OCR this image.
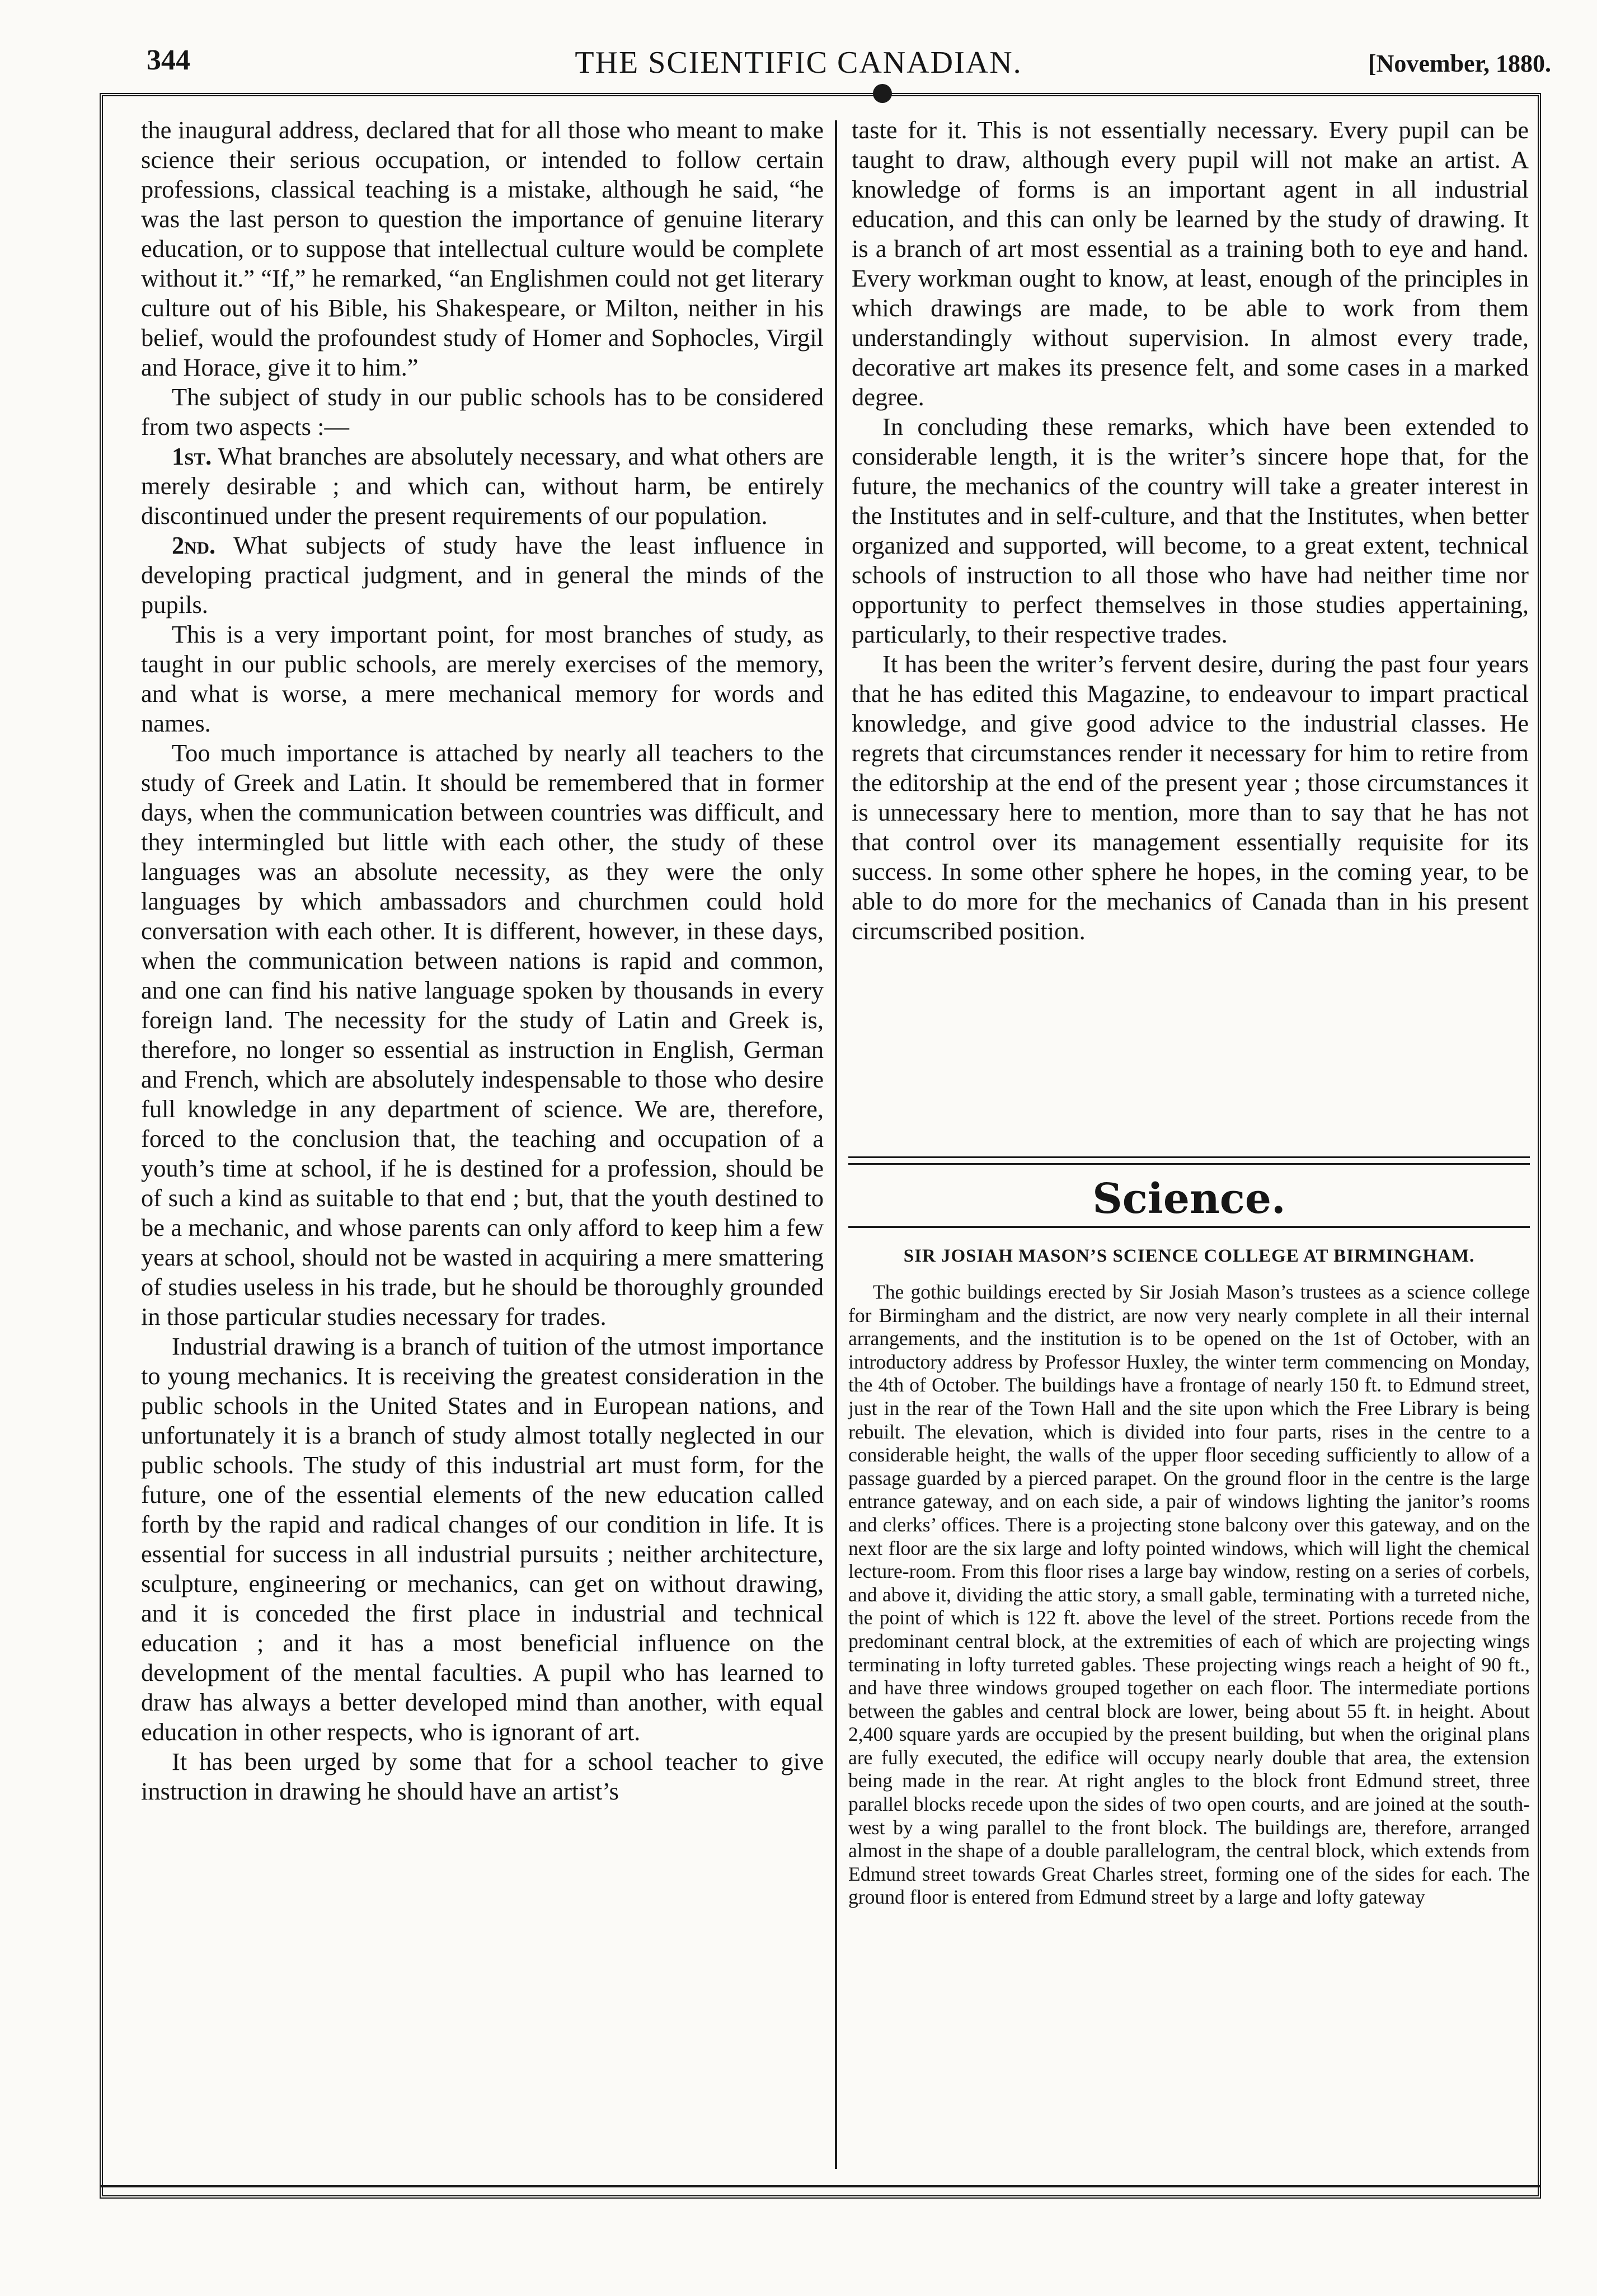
344	THE SCIENTIFIC CANADIAN.	[November, 1880.

the inaugural address, declared that for all those who meant to make science their serious occupation, or intended to follow certain professions, classical teaching is a mistake, although he said, “he was the last person to question the importance of genuine literary education, or to suppose that intellectual culture would be complete without it.” “If,” he remarked, “an Englishmen could not get literary culture out of his Bible, his Shakespeare, or Milton, neither in his belief, would the profoundest study of Homer and Sophocles, Virgil and Horace, give it to him.”

The subject of study in our public schools has to be considered from two aspects :—

1st. What branches are absolutely necessary, and what others are merely desirable ; and which can, without harm, be entirely discontinued under the present requirements of our population.

2nd. What subjects of study have the least influence in developing practical judgment, and in general the minds of the pupils.

This is a very important point, for most branches of study, as taught in our public schools, are merely exercises of the memory, and what is worse, a mere mechanical memory for words and names.

Too much importance is attached by nearly all teachers to the study of Greek and Latin. It should be remembered that in former days, when the communication between countries was difficult, and they intermingled but little with each other, the study of these languages was an absolute necessity, as they were the only languages by which ambassadors and churchmen could hold conversation with each other. It is different, however, in these days, when the communication between nations is rapid and common, and one can find his native language spoken by thousands in every foreign land. The necessity for the study of Latin and Greek is, therefore, no longer so essential as instruction in English, German and French, which are absolutely indespensable to those who desire full knowledge in any department of science. We are, therefore, forced to the conclusion that, the teaching and occupation of a youth’s time at school, if he is destined for a profession, should be of such a kind as suitable to that end ; but, that the youth destined to be a mechanic, and whose parents can only afford to keep him a few years at school, should not be wasted in acquiring a mere smattering of studies useless in his trade, but he should be thoroughly grounded in those particular studies necessary for trades.

Industrial drawing is a branch of tuition of the utmost importance to young mechanics. It is receiving the greatest consideration in the public schools in the United States and in European nations, and unfortunately it is a branch of study almost totally neglected in our public schools. The study of this industrial art must form, for the future, one of the essential elements of the new education called forth by the rapid and radical changes of our condition in life. It is essential for success in all industrial pursuits ; neither architecture, sculpture, engineering or mechanics, can get on without drawing, and it is conceded the first place in industrial and technical education ; and it has a most beneficial influence on the development of the mental faculties. A pupil who has learned to draw has always a better developed mind than another, with equal education in other respects, who is ignorant of art.

It has been urged by some that for a school teacher to give instruction in drawing he should have an artist’s

taste for it. This is not essentially necessary. Every pupil can be taught to draw, although every pupil will not make an artist. A knowledge of forms is an important agent in all industrial education, and this can only be learned by the study of drawing. It is a branch of art most essential as a training both to eye and hand. Every workman ought to know, at least, enough of the principles in which drawings are made, to be able to work from them understandingly without supervision. In almost every trade, decorative art makes its presence felt, and some cases in a marked degree.

In concluding these remarks, which have been extended to considerable length, it is the writer’s sincere hope that, for the future, the mechanics of the country will take a greater interest in the Institutes and in self-culture, and that the Institutes, when better organized and supported, will become, to a great extent, technical schools of instruction to all those who have had neither time nor opportunity to perfect themselves in those studies appertaining, particularly, to their respective trades.

It has been the writer’s fervent desire, during the past four years that he has edited this Magazine, to endeavour to impart practical knowledge, and give good advice to the industrial classes. He regrets that circumstances render it necessary for him to retire from the editorship at the end of the present year ; those circumstances it is unnecessary here to mention, more than to say that he has not that control over its management essentially requisite for its success. In some other sphere he hopes, in the coming year, to be able to do more for the mechanics of Canada than in his present circumscribed position.

Science.
SIR JOSIAH MASON’S SCIENCE COLLEGE AT BIRMINGHAM.

The gothic buildings erected by Sir Josiah Mason’s trustees as a science college for Birmingham and the district, are now very nearly complete in all their internal arrangements, and the institution is to be opened on the 1st of October, with an introductory address by Professor Huxley, the winter term commencing on Monday, the 4th of October. The buildings have a frontage of nearly 150 ft. to Edmund street, just in the rear of the Town Hall and the site upon which the Free Library is being rebuilt. The elevation, which is divided into four parts, rises in the centre to a considerable height, the walls of the upper floor seceding sufficiently to allow of a passage guarded by a pierced parapet. On the ground floor in the centre is the large entrance gateway, and on each side, a pair of windows lighting the janitor’s rooms and clerks’ offices. There is a projecting stone balcony over this gateway, and on the next floor are the six large and lofty pointed windows, which will light the chemical lecture-room. From this floor rises a large bay window, resting on a series of corbels, and above it, dividing the attic story, a small gable, terminating with a turreted niche, the point of which is 122 ft. above the level of the street. Portions recede from the predominant central block, at the extremities of each of which are projecting wings terminating in lofty turreted gables. These projecting wings reach a height of 90 ft., and have three windows grouped together on each floor. The intermediate portions between the gables and central block are lower, being about 55 ft. in height. About 2,400 square yards are occupied by the present building, but when the original plans are fully executed, the edifice will occupy nearly double that area, the extension being made in the rear. At right angles to the block front Edmund street, three parallel blocks recede upon the sides of two open courts, and are joined at the south-west by a wing parallel to the front block. The buildings are, therefore, arranged almost in the shape of a double parallelogram, the central block, which extends from Edmund street towards Great Charles street, forming one of the sides for each. The ground floor is entered from Edmund street by a large and lofty gateway
